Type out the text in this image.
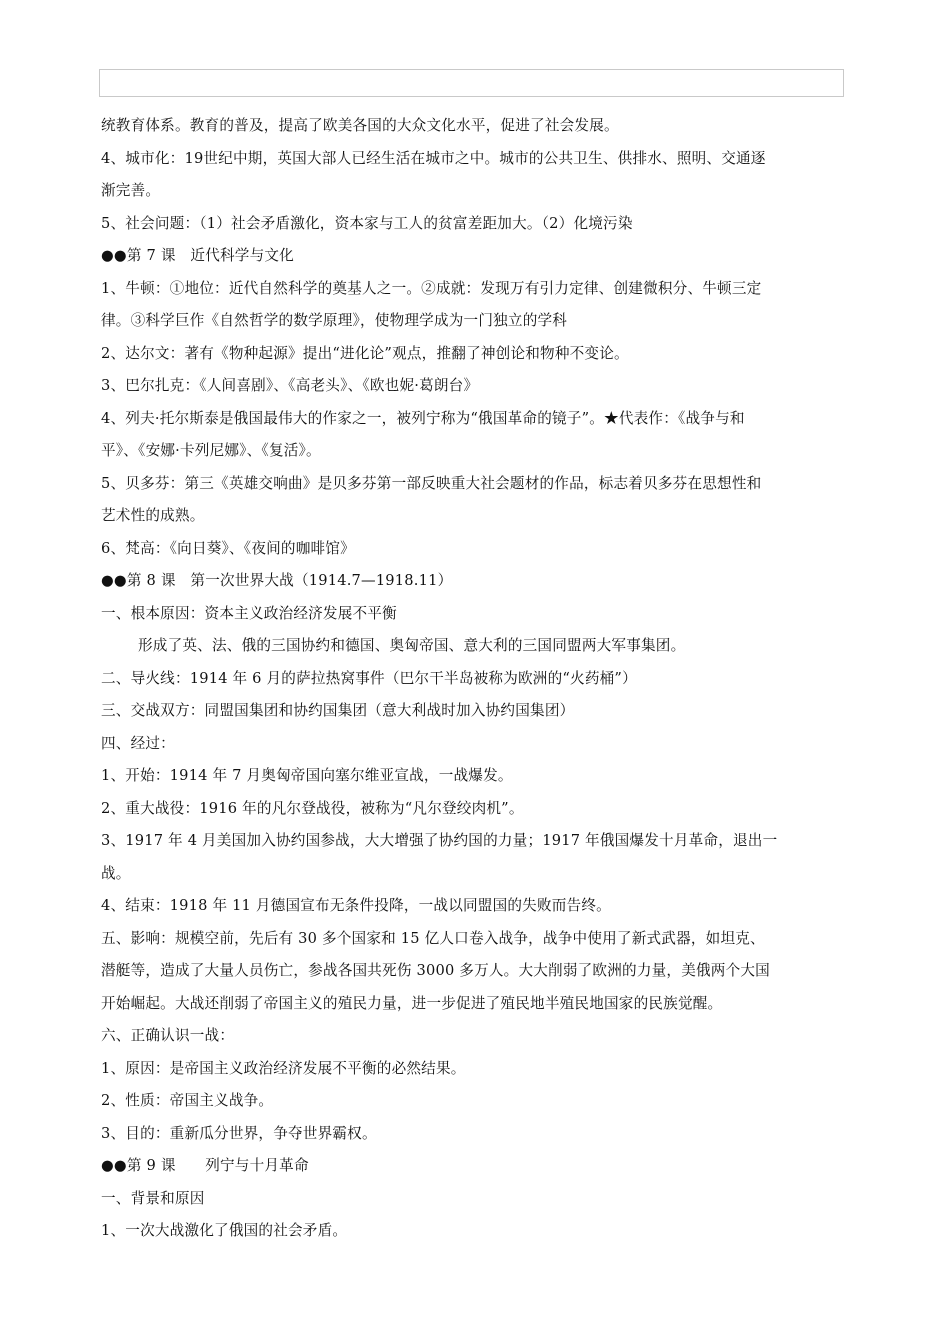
统教育体系。教育的普及，提高了欧美各国的大众文化水平，促进了社会发展。
4、城市化：19世纪中期，英国大部人已经生活在城市之中。城市的公共卫生、供排水、照明、交通逐
渐完善。
5、社会问题：（1）社会矛盾激化，资本家与工人的贫富差距加大。（2）化境污染
●●第 7 课　近代科学与文化
1、牛顿：①地位：近代自然科学的奠基人之一。②成就：发现万有引力定律、创建微积分、牛顿三定
律。③科学巨作《自然哲学的数学原理》，使物理学成为一门独立的学科
2、达尔文：著有《物种起源》提出“进化论”观点，推翻了神创论和物种不变论。
3、巴尔扎克：《人间喜剧》、《高老头》、《欧也妮·葛朗台》
4、列夫·托尔斯泰是俄国最伟大的作家之一，被列宁称为“俄国革命的镜子”。★代表作：《战争与和
平》、《安娜·卡列尼娜》、《复活》。
5、贝多芬：第三《英雄交响曲》是贝多芬第一部反映重大社会题材的作品，标志着贝多芬在思想性和
艺术性的成熟。
6、梵高：《向日葵》、《夜间的咖啡馆》
●●第 8 课　第一次世界大战（1914.7—1918.11）
一、根本原因：资本主义政治经济发展不平衡
形成了英、法、俄的三国协约和德国、奥匈帝国、意大利的三国同盟两大军事集团。
二、导火线：1914 年 6 月的萨拉热窝事件（巴尔干半岛被称为欧洲的“火药桶”）
三、交战双方：同盟国集团和协约国集团（意大利战时加入协约国集团）
四、经过：
1、开始：1914 年 7 月奥匈帝国向塞尔维亚宣战，一战爆发。
2、重大战役：1916 年的凡尔登战役，被称为“凡尔登绞肉机”。
3、1917 年 4 月美国加入协约国参战，大大增强了协约国的力量；1917 年俄国爆发十月革命，退出一
战。
4、结束：1918 年 11 月德国宣布无条件投降，一战以同盟国的失败而告终。
五、影响：规模空前，先后有 30 多个国家和 15 亿人口卷入战争，战争中使用了新式武器，如坦克、
潜艇等，造成了大量人员伤亡，参战各国共死伤 3000 多万人。大大削弱了欧洲的力量，美俄两个大国
开始崛起。大战还削弱了帝国主义的殖民力量，进一步促进了殖民地半殖民地国家的民族觉醒。
六、正确认识一战：
1、原因：是帝国主义政治经济发展不平衡的必然结果。
2、性质：帝国主义战争。
3、目的：重新瓜分世界，争夺世界霸权。
●●第 9 课　　列宁与十月革命
一、背景和原因
1、一次大战激化了俄国的社会矛盾。
